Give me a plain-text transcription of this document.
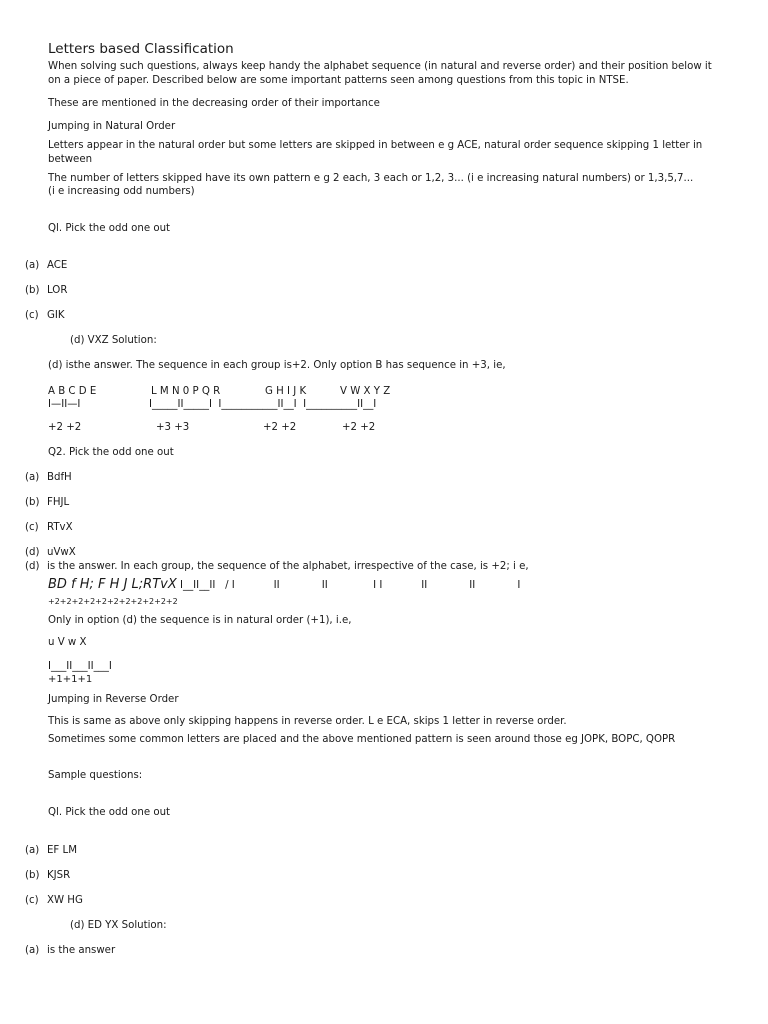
Letters based Classification
When solving such questions, always keep handy the alphabet sequence (in natural and reverse order) and their position below it on a piece of paper. Described below are some important patterns seen among questions from this topic in NTSE.
These are mentioned in the decreasing order of their importance
Jumping in Natural Order
Letters appear in the natural order but some letters are skipped in between e g ACE, natural order sequence skipping 1 letter in between
The number of letters skipped have its own pattern e g 2 each, 3 each or 1,2, 3... (i e increasing natural numbers) or 1,3,5,7...
(i e increasing odd numbers)
Ql. Pick the odd one out
(a) ACE
(b) LOR
(c) GIK
(d) VXZ Solution:
(d) isthe answer. The sequence in each group is+2. Only option B has sequence in +3, ie,
A B C D E	L M N 0 P Q R	G H I J K	V W X Y Z
I—II—I	I_____II_____I  I___________II__I  I__________II__I
+2 +2	+3 +3	+2 +2	+2 +2
Q2. Pick the odd one out
(a) BdfH
(b) FHJL
(c) RTvX
(d) uVwX
(d) is the answer. In each group, the sequence of the alphabet, irrespective of the case, is +2; i e,
BD f H; F H J L;RTvX I__II__II   / I            II             II              I I            II             II             I
+2+2+2+2+2+2+2+2+2+2+2
Only in option (d) the sequence is in natural order (+1), i.e,
u V w X
I___II___II___I
+1+1+1
Jumping in Reverse Order
This is same as above only skipping happens in reverse order. L e ECA, skips 1 letter in reverse order.
Sometimes some common letters are placed and the above mentioned pattern is seen around those eg JOPK, BOPC, QOPR
Sample questions:
Ql. Pick the odd one out
(a) EF LM
(b) KJSR
(c) XW HG
(d) ED YX Solution:
(a) is the answer
